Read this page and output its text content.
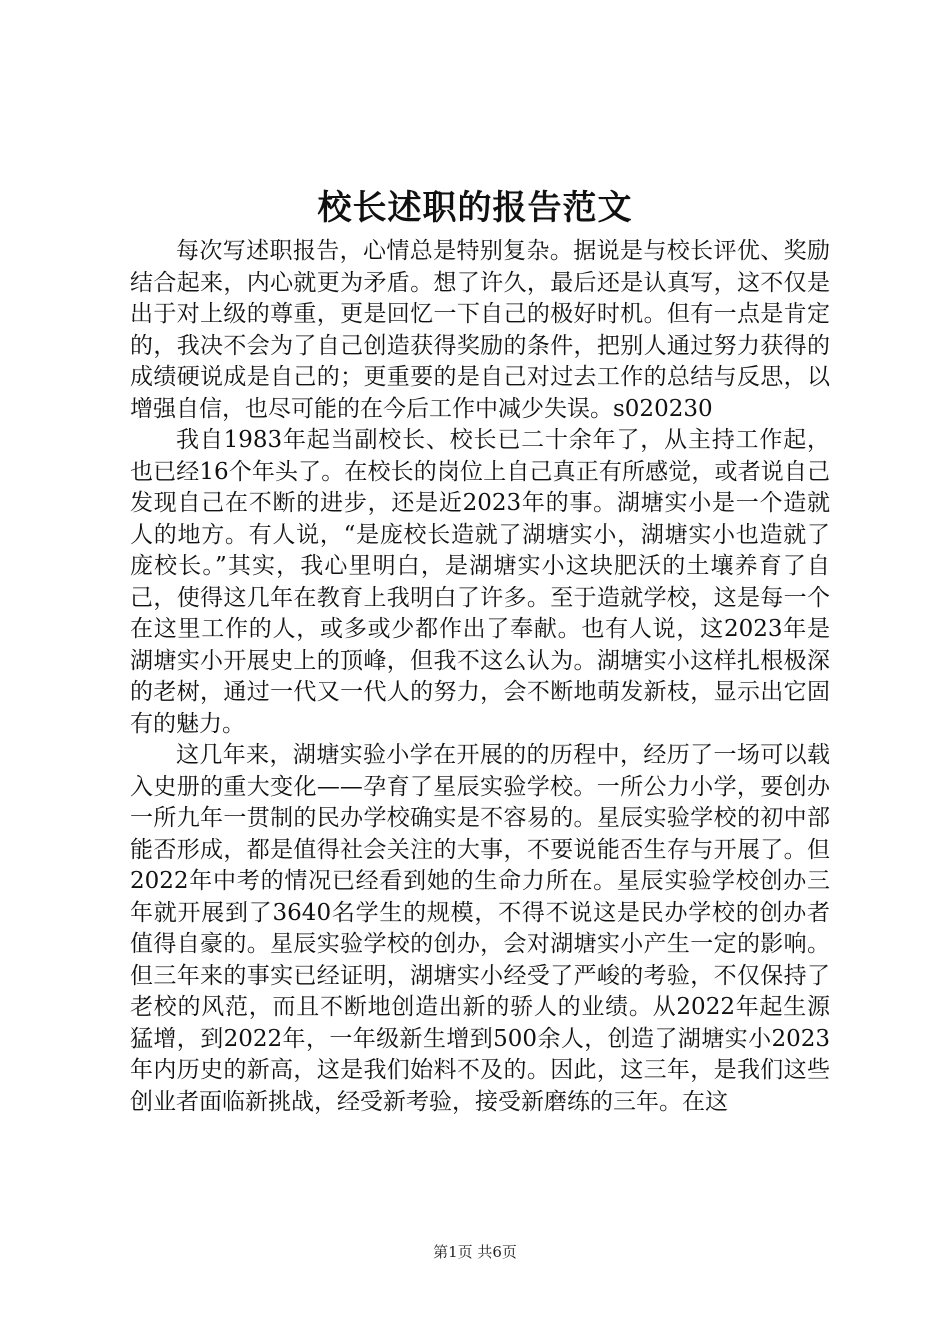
校长述职的报告范文

每次写述职报告，心情总是特别复杂。据说是与校长评优、奖励结合起来，内心就更为矛盾。想了许久，最后还是认真写，这不仅是出于对上级的尊重，更是回忆一下自己的极好时机。但有一点是肯定的，我决不会为了自己创造获得奖励的条件，把别人通过努力获得的成绩硬说成是自己的；更重要的是自己对过去工作的总结与反思，以增强自信，也尽可能的在今后工作中减少失误。s020230

我自1983年起当副校长、校长已二十余年了，从主持工作起，也已经16个年头了。在校长的岗位上自己真正有所感觉，或者说自己发现自己在不断的进步，还是近2023年的事。湖塘实小是一个造就人的地方。有人说，“是庞校长造就了湖塘实小，湖塘实小也造就了庞校长。”其实，我心里明白，是湖塘实小这块肥沃的土壤养育了自己，使得这几年在教育上我明白了许多。至于造就学校，这是每一个在这里工作的人，或多或少都作出了奉献。也有人说，这2023年是湖塘实小开展史上的顶峰，但我不这么认为。湖塘实小这样扎根极深的老树，通过一代又一代人的努力，会不断地萌发新枝，显示出它固有的魅力。

这几年来，湖塘实验小学在开展的的历程中，经历了一场可以载入史册的重大变化——孕育了星辰实验学校。一所公力小学，要创办一所九年一贯制的民办学校确实是不容易的。星辰实验学校的初中部能否形成，都是值得社会关注的大事，不要说能否生存与开展了。但2022年中考的情况已经看到她的生命力所在。星辰实验学校创办三年就开展到了3640名学生的规模，不得不说这是民办学校的创办者值得自豪的。星辰实验学校的创办，会对湖塘实小产生一定的影响。但三年来的事实已经证明，湖塘实小经受了严峻的考验，不仅保持了老校的风范，而且不断地创造出新的骄人的业绩。从2022年起生源猛增，到2022年，一年级新生增到500余人，创造了湖塘实小2023年内历史的新高，这是我们始料不及的。因此，这三年，是我们这些创业者面临新挑战，经受新考验，接受新磨练的三年。在这

第1页 共6页
